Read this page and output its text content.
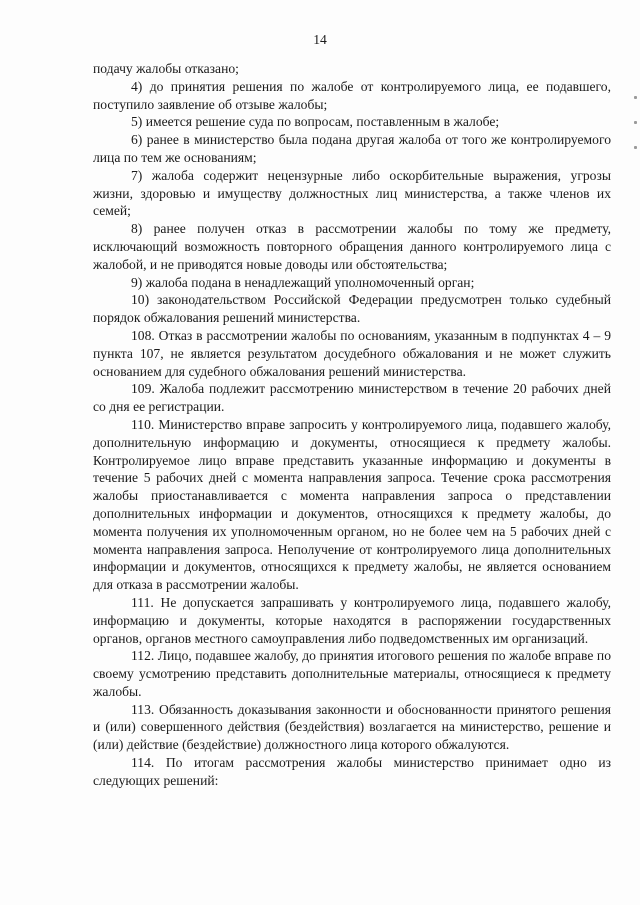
14

подачу жалобы отказано;

4) до принятия решения по жалобе от контролируемого лица, ее подавшего, поступило заявление об отзыве жалобы;

5) имеется решение суда по вопросам, поставленным в жалобе;

6) ранее в министерство была подана другая жалоба от того же контролируемого лица по тем же основаниям;

7) жалоба содержит нецензурные либо оскорбительные выражения, угрозы жизни, здоровью и имуществу должностных лиц министерства, а также членов их семей;

8) ранее получен отказ в рассмотрении жалобы по тому же предмету, исключающий возможность повторного обращения данного контролируемого лица с жалобой, и не приводятся новые доводы или обстоятельства;

9) жалоба подана в ненадлежащий уполномоченный орган;

10) законодательством Российской Федерации предусмотрен только судебный порядок обжалования решений министерства.

108. Отказ в рассмотрении жалобы по основаниям, указанным в подпунктах 4 – 9 пункта 107, не является результатом досудебного обжалования и не может служить основанием для судебного обжалования решений министерства.

109. Жалоба подлежит рассмотрению министерством в течение 20 рабочих дней со дня ее регистрации.

110. Министерство вправе запросить у контролируемого лица, подавшего жалобу, дополнительную информацию и документы, относящиеся к предмету жалобы. Контролируемое лицо вправе представить указанные информацию и документы в течение 5 рабочих дней с момента направления запроса. Течение срока рассмотрения жалобы приостанавливается с момента направления запроса о представлении дополнительных информации и документов, относящихся к предмету жалобы, до момента получения их уполномоченным органом, но не более чем на 5 рабочих дней с момента направления запроса. Неполучение от контролируемого лица дополнительных информации и документов, относящихся к предмету жалобы, не является основанием для отказа в рассмотрении жалобы.

111. Не допускается запрашивать у контролируемого лица, подавшего жалобу, информацию и документы, которые находятся в распоряжении государственных органов, органов местного самоуправления либо подведомственных им организаций.

112. Лицо, подавшее жалобу, до принятия итогового решения по жалобе вправе по своему усмотрению представить дополнительные материалы, относящиеся к предмету жалобы.

113. Обязанность доказывания законности и обоснованности принятого решения и (или) совершенного действия (бездействия) возлагается на министерство, решение и (или) действие (бездействие) должностного лица которого обжалуются.

114. По итогам рассмотрения жалобы министерство принимает одно из следующих решений:
